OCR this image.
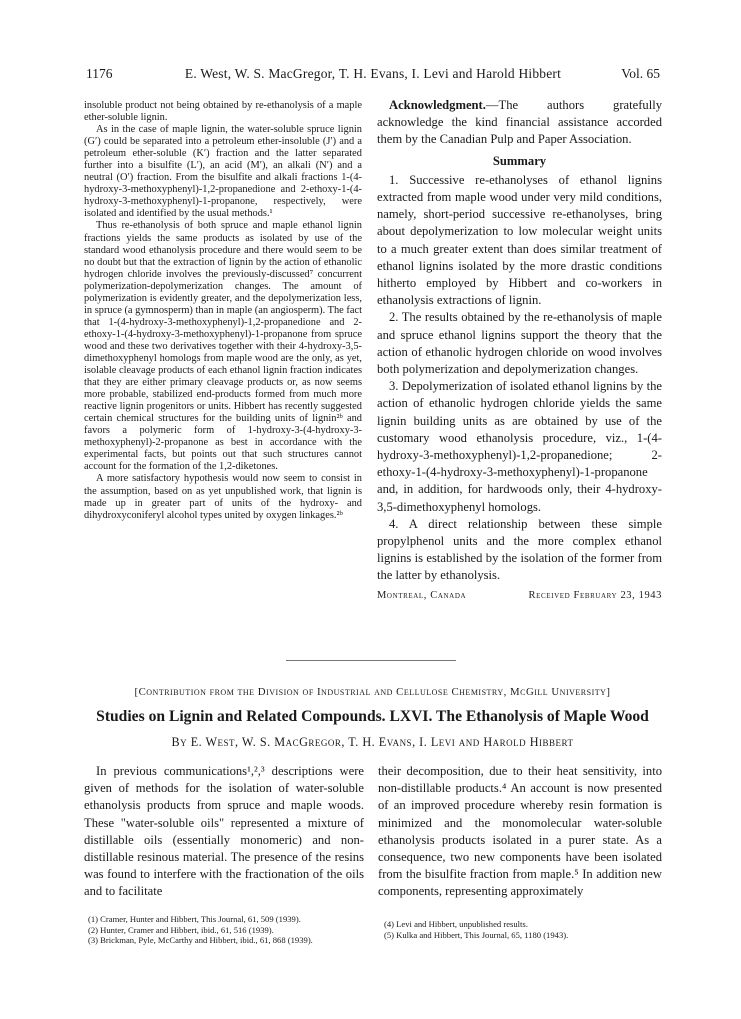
1176	E. West, W. S. MacGregor, T. H. Evans, I. Levi and Harold Hibbert	Vol. 65

insoluble product not being obtained by re-ethanolysis of a maple ether-soluble lignin.

As in the case of maple lignin, the water-soluble spruce lignin (G′) could be separated into a petroleum ether-insoluble (J′) and a petroleum ether-soluble (K′) fraction and the latter separated further into a bisulfite (L′), an acid (M′), an alkali (N′) and a neutral (O′) fraction. From the bisulfite and alkali fractions 1-(4-hydroxy-3-methoxyphenyl)-1,2-propanedione and 2-ethoxy-1-(4-hydroxy-3-methoxyphenyl)-1-propanone, respectively, were isolated and identified by the usual methods.¹

Thus re-ethanolysis of both spruce and maple ethanol lignin fractions yields the same products as isolated by use of the standard wood ethanolysis procedure and there would seem to be no doubt but that the extraction of lignin by the action of ethanolic hydrogen chloride involves the previously-discussed⁷ concurrent polymerization-depolymerization changes. The amount of polymerization is evidently greater, and the depolymerization less, in spruce (a gymnosperm) than in maple (an angiosperm). The fact that 1-(4-hydroxy-3-methoxyphenyl)-1,2-propanedione and 2-ethoxy-1-(4-hydroxy-3-methoxyphenyl)-1-propanone from spruce wood and these two derivatives together with their 4-hydroxy-3,5-dimethoxyphenyl homologs from maple wood are the only, as yet, isolable cleavage products of each ethanol lignin fraction indicates that they are either primary cleavage products or, as now seems more probable, stabilized end-products formed from much more reactive lignin progenitors or units. Hibbert has recently suggested certain chemical structures for the building units of lignin²ᵇ and favors a polymeric form of 1-hydroxy-3-(4-hydroxy-3-methoxyphenyl)-2-propanone as best in accordance with the experimental facts, but points out that such structures cannot account for the formation of the 1,2-diketones.

A more satisfactory hypothesis would now seem to consist in the assumption, based on as yet unpublished work, that lignin is made up in greater part of units of the hydroxy- and dihydroxyconiferyl alcohol types united by oxygen linkages.²ᵇ

Acknowledgment.—The authors gratefully acknowledge the kind financial assistance accorded them by the Canadian Pulp and Paper Association.

Summary

1. Successive re-ethanolyses of ethanol lignins extracted from maple wood under very mild conditions, namely, short-period successive re-ethanolyses, bring about depolymerization to low molecular weight units to a much greater extent than does similar treatment of ethanol lignins isolated by the more drastic conditions hitherto employed by Hibbert and co-workers in ethanolysis extractions of lignin.

2. The results obtained by the re-ethanolysis of maple and spruce ethanol lignins support the theory that the action of ethanolic hydrogen chloride on wood involves both polymerization and depolymerization changes.

3. Depolymerization of isolated ethanol lignins by the action of ethanolic hydrogen chloride yields the same lignin building units as are obtained by use of the customary wood ethanolysis procedure, viz., 1-(4-hydroxy-3-methoxyphenyl)-1,2-propanedione; 2-ethoxy-1-(4-hydroxy-3-methoxyphenyl)-1-propanone and, in addition, for hardwoods only, their 4-hydroxy-3,5-dimethoxyphenyl homologs.

4. A direct relationship between these simple propylphenol units and the more complex ethanol lignins is established by the isolation of the former from the latter by ethanolysis.

Montreal, Canada	Received February 23, 1943
[Contribution from the Division of Industrial and Cellulose Chemistry, McGill University]
Studies on Lignin and Related Compounds. LXVI. The Ethanolysis of Maple Wood
By E. West, W. S. MacGregor, T. H. Evans, I. Levi and Harold Hibbert

In previous communications¹,²,³ descriptions were given of methods for the isolation of water-soluble ethanolysis products from spruce and maple woods. These "water-soluble oils" represented a mixture of distillable oils (essentially monomeric) and non-distillable resinous material. The presence of the resins was found to interfere with the fractionation of the oils and to facilitate

their decomposition, due to their heat sensitivity, into non-distillable products.⁴ An account is now presented of an improved procedure whereby resin formation is minimized and the monomolecular water-soluble ethanolysis products isolated in a purer state. As a consequence, two new components have been isolated from the bisulfite fraction from maple.⁵ In addition new components, representing approximately

(1) Cramer, Hunter and Hibbert, This Journal, 61, 509 (1939).
(2) Hunter, Cramer and Hibbert, ibid., 61, 516 (1939).
(3) Brickman, Pyle, McCarthy and Hibbert, ibid., 61, 868 (1939).
(4) Levi and Hibbert, unpublished results.
(5) Kulka and Hibbert, This Journal, 65, 1180 (1943).
